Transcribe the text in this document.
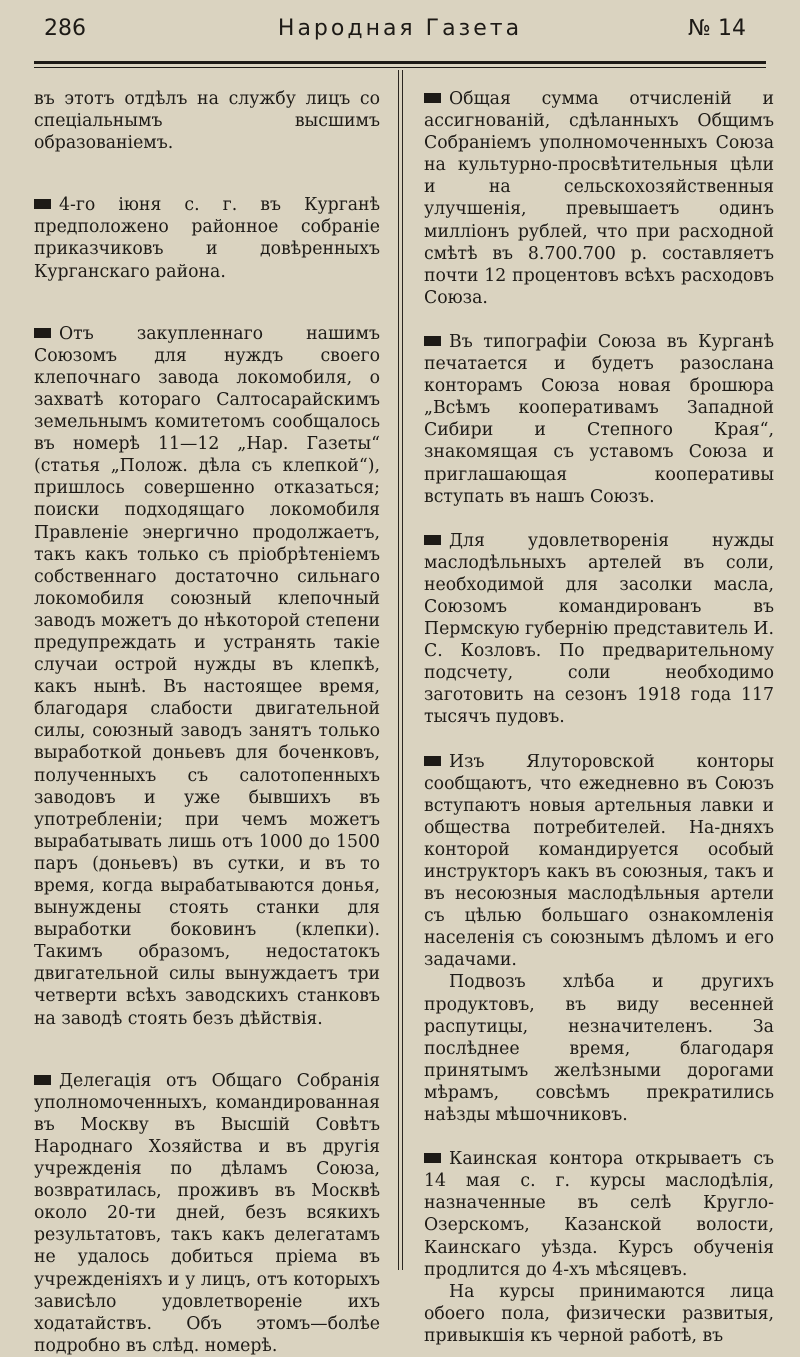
286	Народная Газета	№ 14

въ этотъ отдѣлъ на службу лицъ со спеціальнымъ высшимъ образованіемъ.

4-го іюня с. г. въ Курганѣ предположено районное собраніе приказчиковъ и довѣренныхъ Курганскаго района.

Отъ закупленнаго нашимъ Союзомъ для нуждъ своего клепочнаго завода локомобиля, о захватѣ котораго Салтосарайскимъ земельнымъ комитетомъ сообщалось въ номерѣ 11—12 „Нар. Газеты“ (статья „Полож. дѣла съ клепкой“), пришлось совершенно отказаться; поиски подходящаго локомобиля Правленіе энергично продолжаетъ, такъ какъ только съ пріобрѣтеніемъ собственнаго достаточно сильнаго локомобиля союзный клепочный заводъ можетъ до нѣкоторой степени предупреждать и устранять такіе случаи острой нужды въ клепкѣ, какъ нынѣ. Въ настоящее время, благодаря слабости двигательной силы, союзный заводъ занятъ только выработкой доньевъ для боченковъ, полученныхъ съ салотопенныхъ заводовъ и уже бывшихъ въ употребленіи; при чемъ можетъ вырабатывать лишь отъ 1000 до 1500 паръ (доньевъ) въ сутки, и въ то время, когда вырабатываются донья, вынуждены стоять станки для выработки боковинъ (клепки). Такимъ образомъ, недостатокъ двигательной силы вынуждаетъ три четверти всѣхъ заводскихъ станковъ на заводѣ стоять безъ дѣйствія.

Делегація отъ Общаго Собранія уполномоченныхъ, командированная въ Москву въ Высшій Совѣтъ Народнаго Хозяйства и въ другія учрежденія по дѣламъ Союза, возвратилась, проживъ въ Москвѣ около 20-ти дней, безъ всякихъ результатовъ, такъ какъ делегатамъ не удалось добиться пріема въ учрежденіяхъ и у лицъ, отъ которыхъ зависѣло удовлетвореніе ихъ ходатайствъ. Объ этомъ—болѣе подробно въ слѣд. номерѣ.

Общая сумма отчисленій и ассигнованій, сдѣланныхъ Общимъ Собраніемъ уполномоченныхъ Союза на культурно-просвѣтительныя цѣли и на сельскохозяйственныя улучшенія, превышаетъ одинъ милліонъ рублей, что при расходной смѣтѣ въ 8.700.700 р. составляетъ почти 12 процентовъ всѣхъ расходовъ Союза.

Въ типографіи Союза въ Курганѣ печатается и будетъ разослана конторамъ Союза новая брошюра „Всѣмъ кооперативамъ Западной Сибири и Степного Края“, знакомящая съ уставомъ Союза и приглашающая кооперативы вступать въ нашъ Союзъ.

Для удовлетворенія нужды маслодѣльныхъ артелей въ соли, необходимой для засолки масла, Союзомъ командированъ въ Пермскую губернію представитель И. С. Козловъ. По предварительному подсчету, соли необходимо заготовить на сезонъ 1918 года 117 тысячъ пудовъ.

Изъ Ялуторовской конторы сообщаютъ, что ежедневно въ Союзъ вступаютъ новыя артельныя лавки и общества потребителей. На-дняхъ конторой командируется особый инструкторъ какъ въ союзныя, такъ и въ несоюзныя маслодѣльныя артели съ цѣлью большаго ознакомленія населенія съ союзнымъ дѣломъ и его задачами.

Подвозъ хлѣба и другихъ продуктовъ, въ виду весенней распутицы, незначителенъ. За послѣднее время, благодаря принятымъ желѣзными дорогами мѣрамъ, совсѣмъ прекратились наѣзды мѣшочниковъ.

Каинская контора открываетъ съ 14 мая с. г. курсы маслодѣлія, назначенные въ селѣ Кругло-Озерскомъ, Казанской волости, Каинскаго уѣзда. Курсъ обученія продлится до 4-хъ мѣсяцевъ.

На курсы принимаются лица обоего пола, физически развитыя, привыкшія къ черной работѣ, въ
